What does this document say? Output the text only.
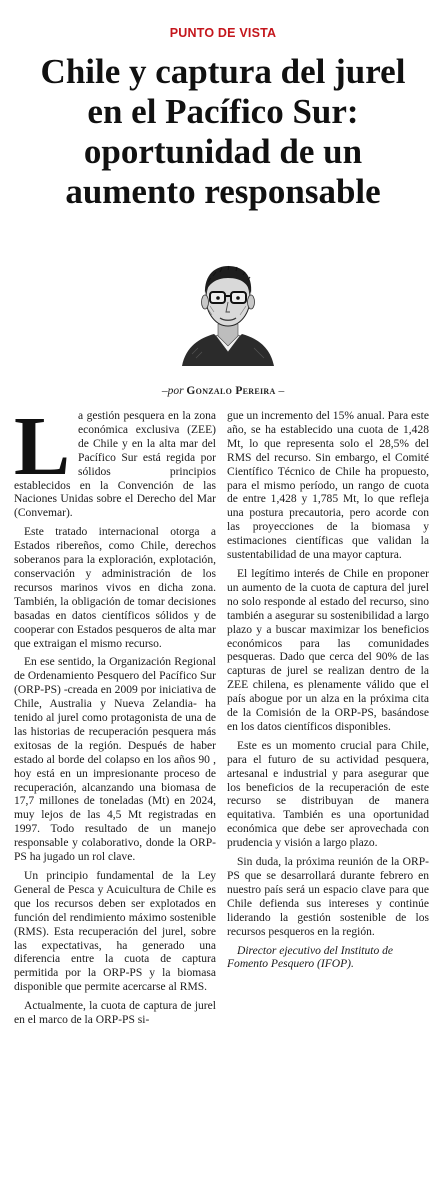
PUNTO DE VISTA
Chile y captura del jurel
en el Pacífico Sur:
oportunidad de un
aumento responsable
–por Gonzalo Pereira –

La gestión pesquera en la zona económica exclusiva (ZEE) de Chile y en la alta mar del Pacífico Sur está regida por sólidos principios establecidos en la Convención de las Naciones Unidas sobre el Derecho del Mar (Convemar).

Este tratado internacional otorga a Estados ribereños, como Chile, derechos soberanos para la exploración, explotación, conservación y administración de los recursos marinos vivos en dicha zona. También, la obligación de tomar decisiones basadas en datos científicos sólidos y de cooperar con Estados pesqueros de alta mar que extraigan el mismo recurso.

En ese sentido, la Organización Regional de Ordenamiento Pesquero del Pacífico Sur (ORP-PS) -creada en 2009 por iniciativa de Chile, Australia y Nueva Zelandia- ha tenido al jurel como protagonista de una de las historias de recuperación pesquera más exitosas de la región. Después de haber estado al borde del colapso en los años 90 , hoy está en un impresionante proceso de recuperación, alcanzando una biomasa de 17,7 millones de toneladas (Mt) en 2024, muy lejos de las 4,5 Mt registradas en 1997. Todo resultado de un manejo responsable y colaborativo, donde la ORP-PS ha jugado un rol clave.

Un principio fundamental de la Ley General de Pesca y Acuicultura de Chile es que los recursos deben ser explotados en función del rendimiento máximo sostenible (RMS). Esta recuperación del jurel, sobre las expectativas, ha generado una diferencia entre la cuota de captura permitida por la ORP-PS y la biomasa disponible que permite acercarse al RMS.

Actualmente, la cuota de captura de jurel en el marco de la ORP-PS si-

gue un incremento del 15% anual. Para este año, se ha establecido una cuota de 1,428 Mt, lo que representa solo el 28,5% del RMS del recurso. Sin embargo, el Comité Científico Técnico de Chile ha propuesto, para el mismo período, un rango de cuota de entre 1,428 y 1,785 Mt, lo que refleja una postura precautoria, pero acorde con las proyecciones de la biomasa y estimaciones científicas que validan la sustentabilidad de una mayor captura.

El legítimo interés de Chile en proponer un aumento de la cuota de captura del jurel no solo responde al estado del recurso, sino también a asegurar su sostenibilidad a largo plazo y a buscar maximizar los beneficios económicos para las comunidades pesqueras. Dado que cerca del 90% de las capturas de jurel se realizan dentro de la ZEE chilena, es plenamente válido que el país abogue por un alza en la próxima cita de la Comisión de la ORP-PS, basándose en los datos científicos disponibles.

Este es un momento crucial para Chile, para el futuro de su actividad pesquera, artesanal e industrial y para asegurar que los beneficios de la recuperación de este recurso se distribuyan de manera equitativa. También es una oportunidad económica que debe ser aprovechada con prudencia y visión a largo plazo.

Sin duda, la próxima reunión de la ORP-PS que se desarrollará durante febrero en nuestro país será un espacio clave para que Chile defienda sus intereses y continúe liderando la gestión sostenible de los recursos pesqueros en la región.

Director ejecutivo del Instituto de Fomento Pesquero (IFOP).
